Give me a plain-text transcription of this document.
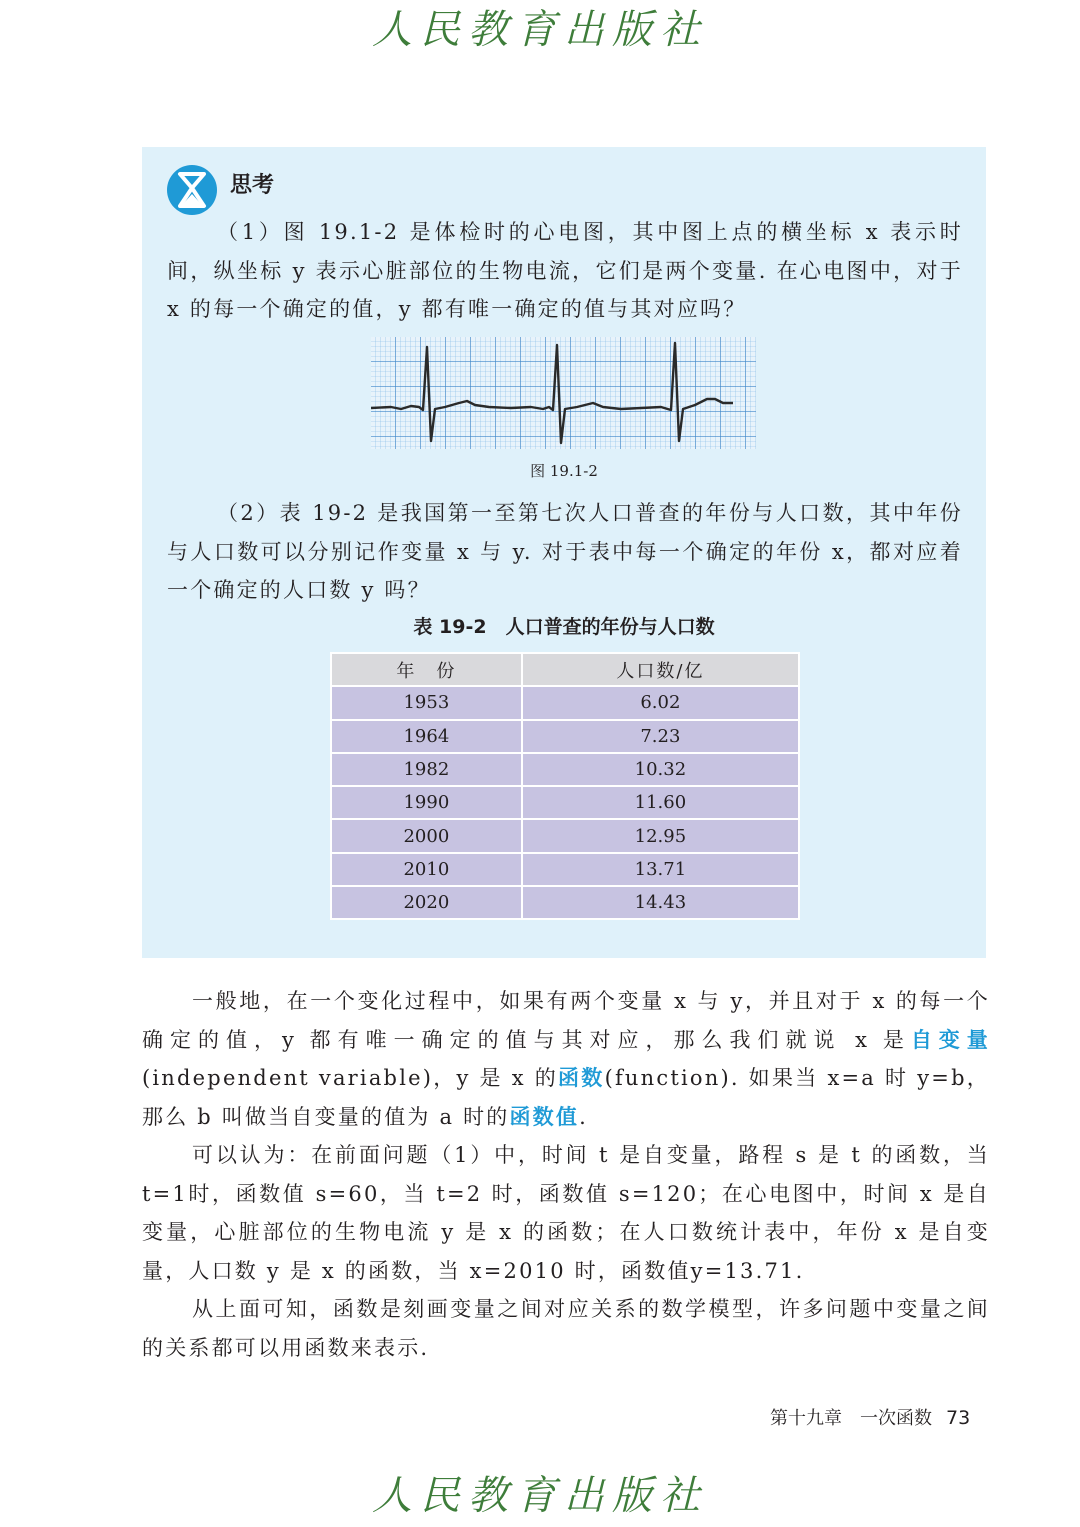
人民教育出版社
思考

（1）图 19.1-2 是体检时的心电图，其中图上点的横坐标 x 表示时间，纵坐标 y 表示心脏部位的生物电流，它们是两个变量. 在心电图中，对于 x 的每一个确定的值，y 都有唯一确定的值与其对应吗？

图 19.1-2

（2）表 19-2 是我国第一至第七次人口普查的年份与人口数，其中年份与人口数可以分别记作变量 x 与 y. 对于表中每一个确定的年份 x，都对应着一个确定的人口数 y 吗？

表 19-2　人口普查的年份与人口数
年　份	人口数/亿
1953	6.02
1964	7.23
1982	10.32
1990	11.60
2000	12.95
2010	13.71
2020	14.43

一般地，在一个变化过程中，如果有两个变量 x 与 y，并且对于 x 的每一个确定的值，y 都有唯一确定的值与其对应，那么我们就说 x 是自变量(independent variable)，y 是 x 的函数(function). 如果当 x=a 时 y=b，那么 b 叫做当自变量的值为 a 时的函数值.

可以认为：在前面问题（1）中，时间 t 是自变量，路程 s 是 t 的函数，当 t=1时，函数值 s=60，当 t=2 时，函数值 s=120；在心电图中，时间 x 是自变量，心脏部位的生物电流 y 是 x 的函数；在人口数统计表中，年份 x 是自变量，人口数 y 是 x 的函数，当 x=2010 时，函数值y=13.71.

从上面可知，函数是刻画变量之间对应关系的数学模型，许多问题中变量之间的关系都可以用函数来表示.

第十九章　一次函数 73
人民教育出版社
